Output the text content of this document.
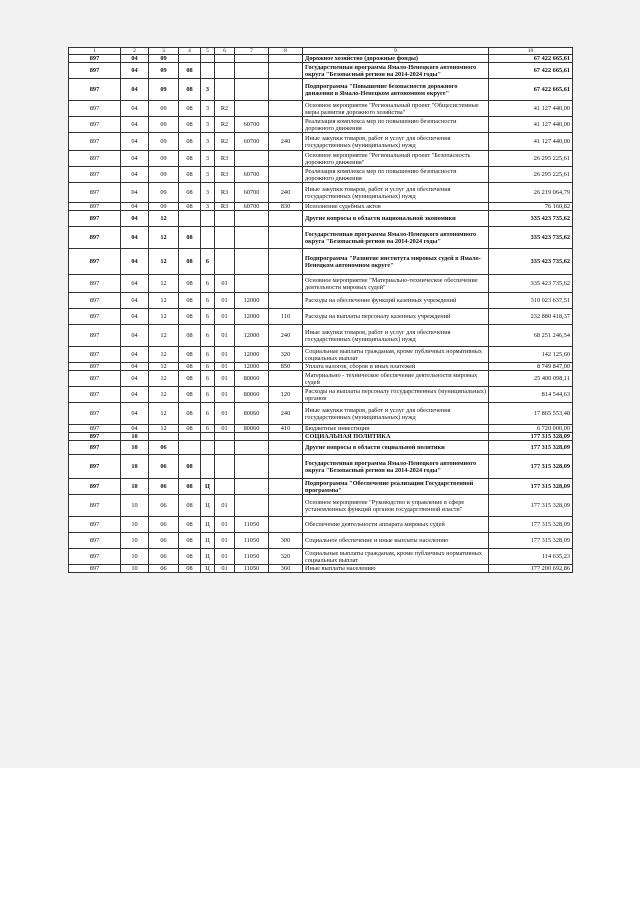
1	2	3	4	5	6	7	8	9	10
897	04	09						Дорожное хозяйство (дорожные фонды)	67 422 665,61
897	04	09	08					Государственная программа Ямало-Ненецкого автономного округа "Безопасный регион на 2014-2024 годы"	67 422 665,61
897	04	09	08	3				Подпрограмма "Повышение безопасности дорожного движения в Ямало-Ненецком автономном округе"	67 422 665,61
897	04	09	08	3	R2			Основное мероприятие "Региональный проект "Общесистемные меры развития дорожного хозяйства"	41 127 440,00
897	04	09	08	3	R2	60700		Реализация комплекса мер по повышению безопасности дорожного движения	41 127 440,00
897	04	09	08	3	R2	60700	240	Иные закупки товаров, работ и услуг для обеспечения государственных (муниципальных) нужд	41 127 440,00
897	04	09	08	3	R3			Основное мероприятие "Региональный проект "Безопасность дорожного движения"	26 295 225,61
897	04	09	08	3	R3	60700		Реализация комплекса мер по повышению безопасности дорожного движения	26 295 225,61
897	04	09	08	3	R3	60700	240	Иные закупки товаров, работ и услуг для обеспечения государственных (муниципальных) нужд	26 219 064,79
897	04	09	08	3	R3	60700	830	Исполнение судебных актов	76 160,82
897	04	12						Другие вопросы в области национальной экономики	335 423 735,62
897	04	12	08					Государственная программа Ямало-Ненецкого автономного округа "Безопасный регион на 2014-2024 годы"	335 423 735,62
897	04	12	08	6				Подпрограмма "Развитие института мировых судей в Ямало-Ненецком автономном округе"	335 423 735,62
897	04	12	08	6	01			Основное мероприятие "Материально-техническое обеспечение деятельности мировых судей"	335 423 735,62
897	04	12	08	6	01	12000		Расходы на обеспечение функций казенных учреждений	310 023 637,51
897	04	12	08	6	01	12000	110	Расходы на выплаты персоналу казенных учреждений	232 880 418,37
897	04	12	08	6	01	12000	240	Иные закупки товаров, работ и услуг для обеспечения государственных (муниципальных) нужд	68 251 246,54
897	04	12	08	6	01	12000	320	Социальные выплаты гражданам, кроме публичных нормативных социальных выплат	142 125,60
897	04	12	08	6	01	12000	850	Уплата налогов, сборов и иных платежей	8 749 847,00
897	04	12	08	6	01	80060		Материально - техническое обеспечение деятельности мировых судей	25 400 098,11
897	04	12	08	6	01	80060	120	Расходы на выплаты персоналу государственных (муниципальных) органов	814 544,63
897	04	12	08	6	01	80060	240	Иные закупки товаров, работ и услуг для обеспечения государственных (муниципальных) нужд	17 865 553,48
897	04	12	08	6	01	80060	410	Бюджетные инвестиции	6 720 000,00
897	10							СОЦИАЛЬНАЯ ПОЛИТИКА	177 315 328,09
897	10	06						Другие вопросы в области социальной политики	177 315 328,09
897	10	06	08					Государственная программа Ямало-Ненецкого автономного округа "Безопасный регион на 2014-2024 годы"	177 315 328,09
897	10	06	08	Ц				Подпрограмма "Обеспечение реализации Государственной программы"	177 315 328,09
897	10	06	08	Ц	01			Основное мероприятие "Руководство и управление в сфере установленных функций органов государственной власти"	177 315 328,09
897	10	06	08	Ц	01	11050		Обеспечение деятельности аппарата мировых судей	177 315 328,09
897	10	06	08	Ц	01	11050	300	Социальное обеспечение и иные выплаты населению	177 315 328,09
897	10	06	08	Ц	01	11050	320	Социальные выплаты гражданам, кроме публичных нормативных социальных выплат	114 635,23
897	10	06	08	Ц	01	11050	360	Иные выплаты населению	177 200 692,86
